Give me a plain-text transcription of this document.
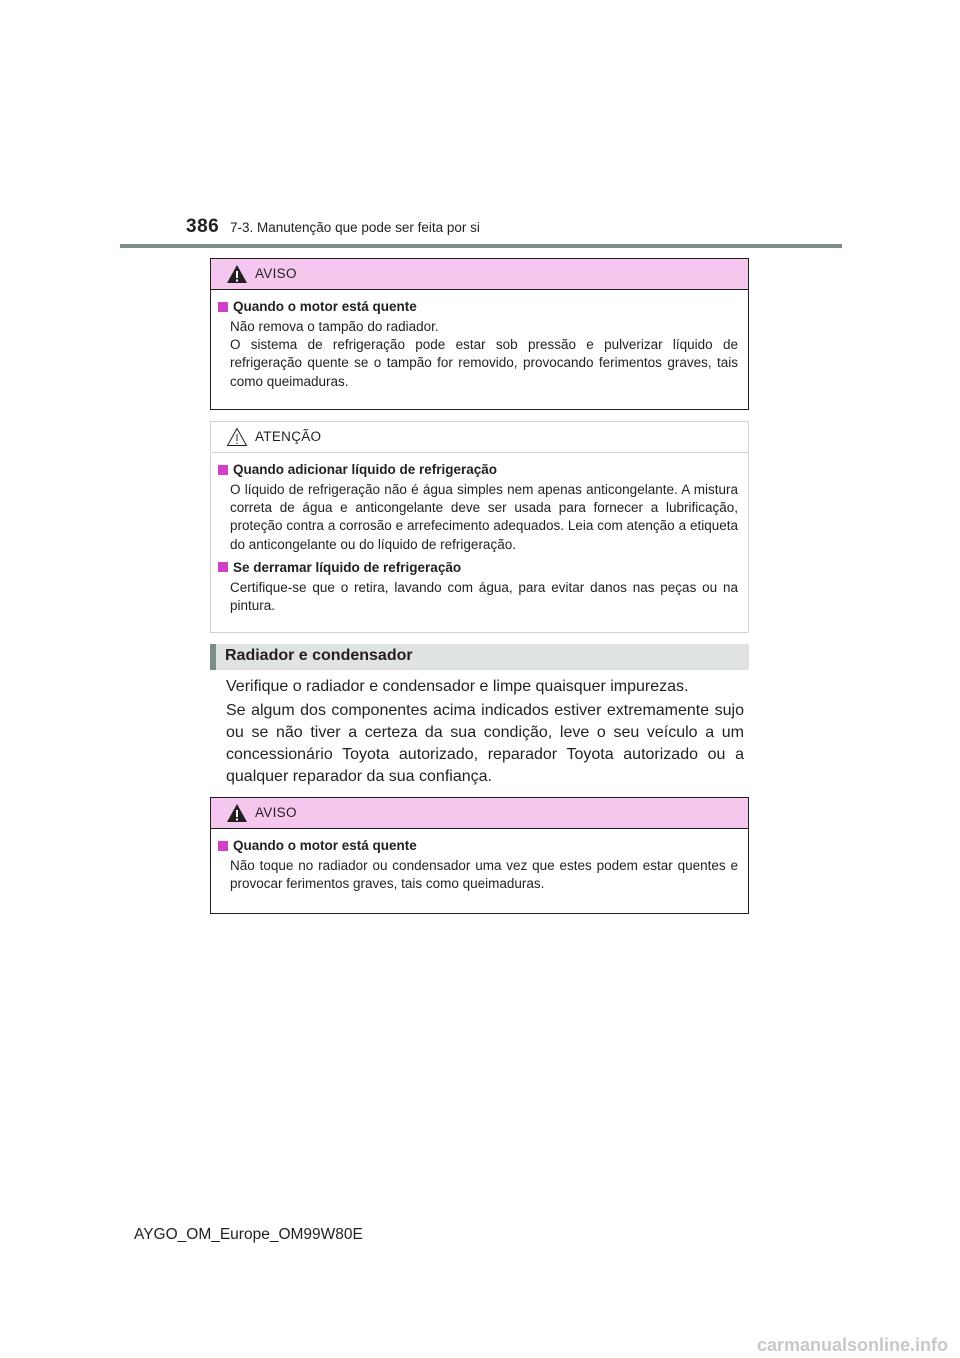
386 7-3. Manutenção que pode ser feita por si
AVISO
Quando o motor está quente
Não remova o tampão do radiador.
O sistema de refrigeração pode estar sob pressão e pulverizar líquido de refrigeração quente se o tampão for removido, provocando ferimentos graves, tais como queimaduras.
ATENÇÃO
Quando adicionar líquido de refrigeração
O líquido de refrigeração não é água simples nem apenas anticongelante. A mistura correta de água e anticongelante deve ser usada para fornecer a lubrificação, proteção contra a corrosão e arrefecimento adequados. Leia com atenção a etiqueta do anticongelante ou do líquido de refrigeração.
Se derramar líquido de refrigeração
Certifique-se que o retira, lavando com água, para evitar danos nas peças ou na pintura.
Radiador e condensador

Verifique o radiador e condensador e limpe quaisquer impurezas.

Se algum dos componentes acima indicados estiver extremamente sujo ou se não tiver a certeza da sua condição, leve o seu veículo a um concessionário Toyota autorizado, reparador Toyota autorizado ou a qualquer reparador da sua confiança.

AVISO
Quando o motor está quente
Não toque no radiador ou condensador uma vez que estes podem estar quentes e provocar ferimentos graves, tais como queimaduras.
AYGO_OM_Europe_OM99W80E
carmanualsonline.info
